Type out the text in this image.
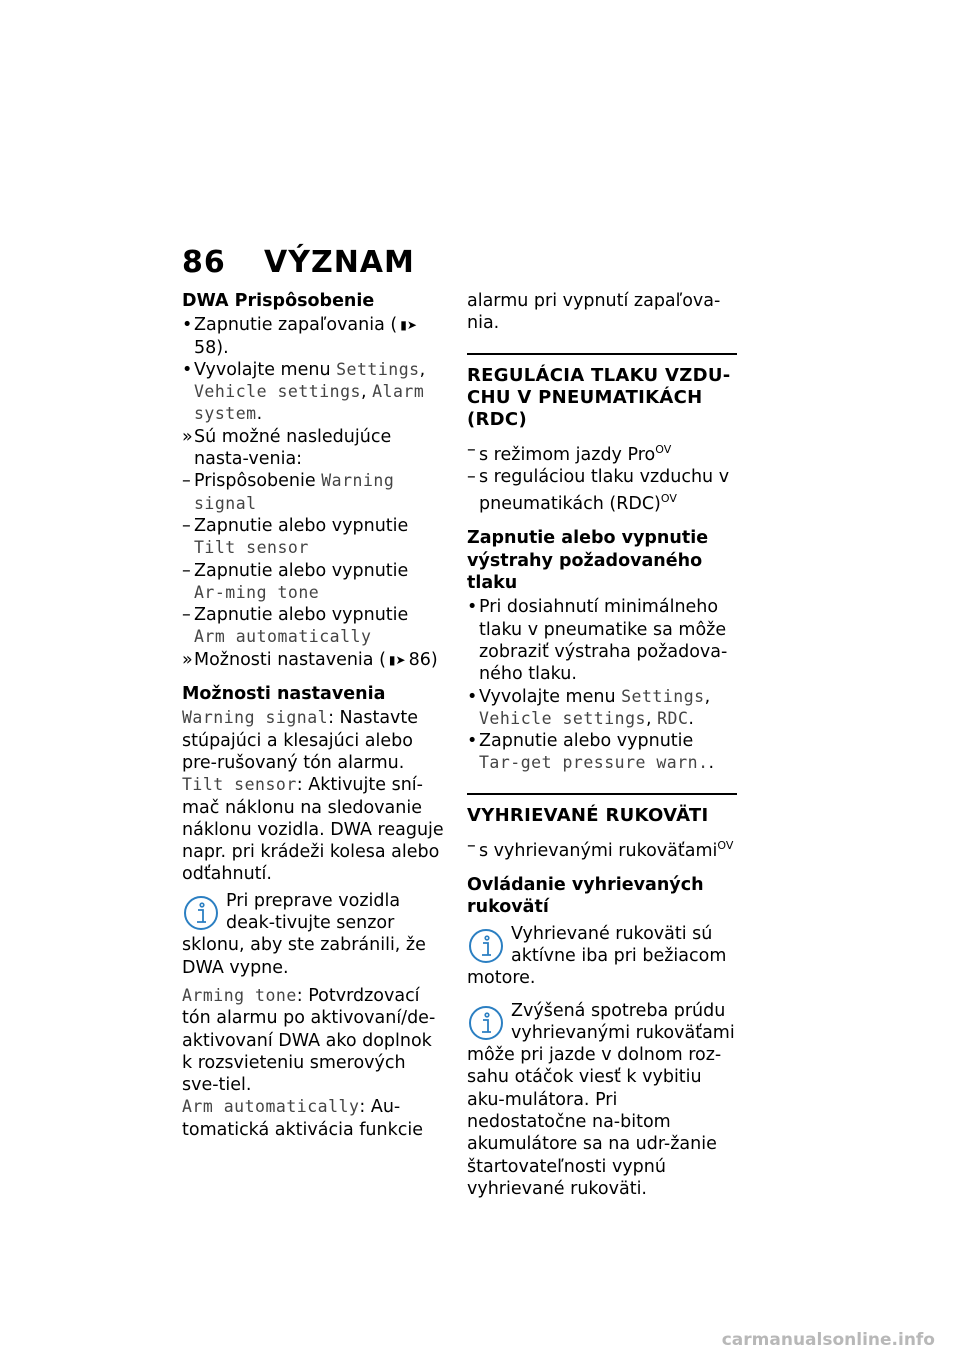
86 VÝZNAM
DWA Prispôsobenie
• Zapnutie zapaľovania ( ▮➤58).
• Vyvolajte menu Settings, Vehicle settings, Alarm system.
» Sú možné nasledujúce nasta-venia:
– Prispôsobenie Warning signal
– Zapnutie alebo vypnutie Tilt sensor
– Zapnutie alebo vypnutie Ar-ming tone
– Zapnutie alebo vypnutie Arm automatically
» Možnosti nastavenia ( ▮➤ 86)
Možnosti nastavenia

Warning signal: Nastavte stúpajúci a klesajúci alebo pre-rušovaný tón alarmu.

Tilt sensor: Aktivujte sní-mač náklonu na sledovanie náklonu vozidla. DWA reaguje napr. pri krádeži kolesa alebo odťahnutí.

Pri preprave vozidla deak-tivujte senzor sklonu, aby ste zabránili, že DWA vypne.

Arming tone: Potvrdzovací tón alarmu po aktivovaní/de-aktivovaní DWA ako doplnok k rozsvieteniu smerových sve-tiel.

Arm automatically: Au-tomatická aktivácia funkcie

alarmu pri vypnutí zapaľova-nia.

REGULÁCIA TLAKU VZDU-CHU V PNEUMATIKÁCH (RDC)
– s režimom jazdy Pro$^{OV}$
– s reguláciou tlaku vzduchu v pneumatikách (RDC)$^{OV}$
Zapnutie alebo vypnutie výstrahy požadovaného tlaku
• Pri dosiahnutí minimálneho tlaku v pneumatike sa môže zobraziť výstraha požadova-ného tlaku.
• Vyvolajte menu Settings, Vehicle settings, RDC.
• Zapnutie alebo vypnutie Tar-get pressure warn..
VYHRIEVANÉ RUKOVÄTI
– s vyhrievanými rukoväťami$^{OV}$
Ovládanie vyhrievaných rukovätí
Vyhrievané rukoväti sú aktívne iba pri bežiacom motore.
Zvýšená spotreba prúdu vyhrievanými rukoväťami môže pri jazde v dolnom roz-sahu otáčok viesť k vybitiu aku-mulátora. Pri nedostatočne na-bitom akumulátore sa na udr-žanie štartovateľnosti vypnú vyhrievané rukoväti.
carmanualsonline.info
